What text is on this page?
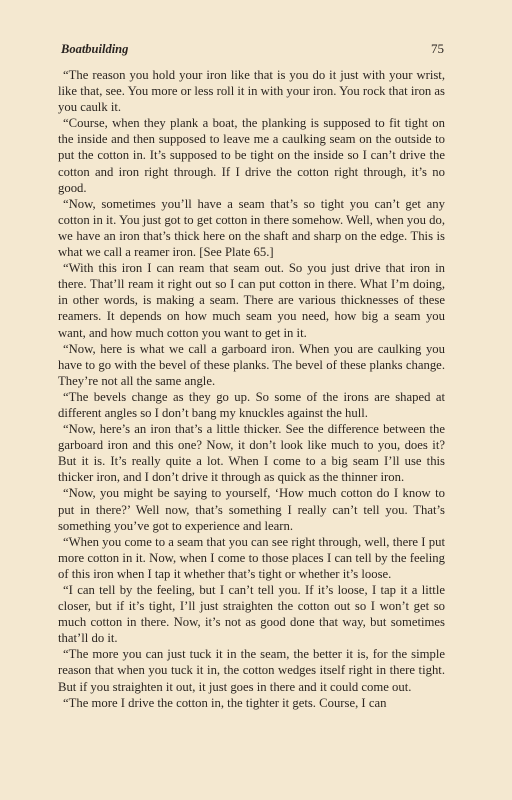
Boatbuilding	75

“The reason you hold your iron like that is you do it just with your wrist, like that, see. You more or less roll it in with your iron. You rock that iron as you caulk it.

“Course, when they plank a boat, the planking is supposed to fit tight on the inside and then supposed to leave me a caulking seam on the outside to put the cotton in. It’s supposed to be tight on the inside so I can’t drive the cotton and iron right through. If I drive the cotton right through, it’s no good.

“Now, sometimes you’ll have a seam that’s so tight you can’t get any cotton in it. You just got to get cotton in there somehow. Well, when you do, we have an iron that’s thick here on the shaft and sharp on the edge. This is what we call a reamer iron. [See Plate 65.]

“With this iron I can ream that seam out. So you just drive that iron in there. That’ll ream it right out so I can put cotton in there. What I’m doing, in other words, is making a seam. There are various thicknesses of these reamers. It depends on how much seam you need, how big a seam you want, and how much cotton you want to get in it.

“Now, here is what we call a garboard iron. When you are caulking you have to go with the bevel of these planks. The bevel of these planks change. They’re not all the same angle.

“The bevels change as they go up. So some of the irons are shaped at different angles so I don’t bang my knuckles against the hull.

“Now, here’s an iron that’s a little thicker. See the difference between the garboard iron and this one? Now, it don’t look like much to you, does it? But it is. It’s really quite a lot. When I come to a big seam I’ll use this thicker iron, and I don’t drive it through as quick as the thinner iron.

“Now, you might be saying to yourself, ‘How much cotton do I know to put in there?’ Well now, that’s something I really can’t tell you. That’s something you’ve got to experience and learn.

“When you come to a seam that you can see right through, well, there I put more cotton in it. Now, when I come to those places I can tell by the feeling of this iron when I tap it whether that’s tight or whether it’s loose.

“I can tell by the feeling, but I can’t tell you. If it’s loose, I tap it a little closer, but if it’s tight, I’ll just straighten the cotton out so I won’t get so much cotton in there. Now, it’s not as good done that way, but sometimes that’ll do it.

“The more you can just tuck it in the seam, the better it is, for the simple reason that when you tuck it in, the cotton wedges itself right in there tight. But if you straighten it out, it just goes in there and it could come out.

“The more I drive the cotton in, the tighter it gets. Course, I can
